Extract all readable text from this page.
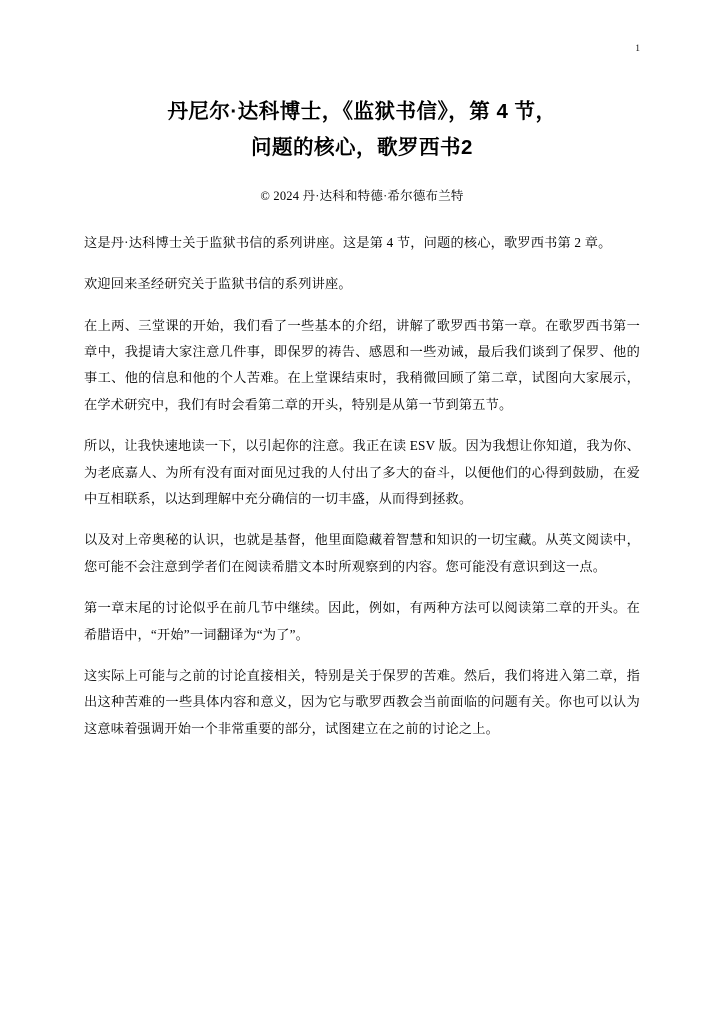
1
丹尼尔·达科博士，《监狱书信》，第 4 节，
问题的核心，歌罗西书2
© 2024 丹·达科和特德·希尔德布兰特

这是丹·达科博士关于监狱书信的系列讲座。这是第 4 节，问题的核心，歌罗西书第 2 章。

欢迎回来圣经研究关于监狱书信的系列讲座。

在上两、三堂课的开始，我们看了一些基本的介绍，讲解了歌罗西书第一章。在歌罗西书第一章中，我提请大家注意几件事，即保罗的祷告、感恩和一些劝诫，最后我们谈到了保罗、他的事工、他的信息和他的个人苦难。在上堂课结束时，我稍微回顾了第二章，试图向大家展示，在学术研究中，我们有时会看第二章的开头，特别是从第一节到第五节。

所以，让我快速地读一下，以引起你的注意。我正在读 ESV 版。因为我想让你知道，我为你、为老底嘉人、为所有没有面对面见过我的人付出了多大的奋斗，以便他们的心得到鼓励，在爱中互相联系，以达到理解中充分确信的一切丰盛，从而得到拯救。

以及对上帝奥秘的认识，也就是基督，他里面隐藏着智慧和知识的一切宝藏。从英文阅读中，您可能不会注意到学者们在阅读希腊文本时所观察到的内容。您可能没有意识到这一点。

第一章末尾的讨论似乎在前几节中继续。因此，例如，有两种方法可以阅读第二章的开头。在希腊语中，“开始”一词翻译为“为了”。

这实际上可能与之前的讨论直接相关，特别是关于保罗的苦难。然后，我们将进入第二章，指出这种苦难的一些具体内容和意义，因为它与歌罗西教会当前面临的问题有关。你也可以认为这意味着强调开始一个非常重要的部分，试图建立在之前的讨论之上。
